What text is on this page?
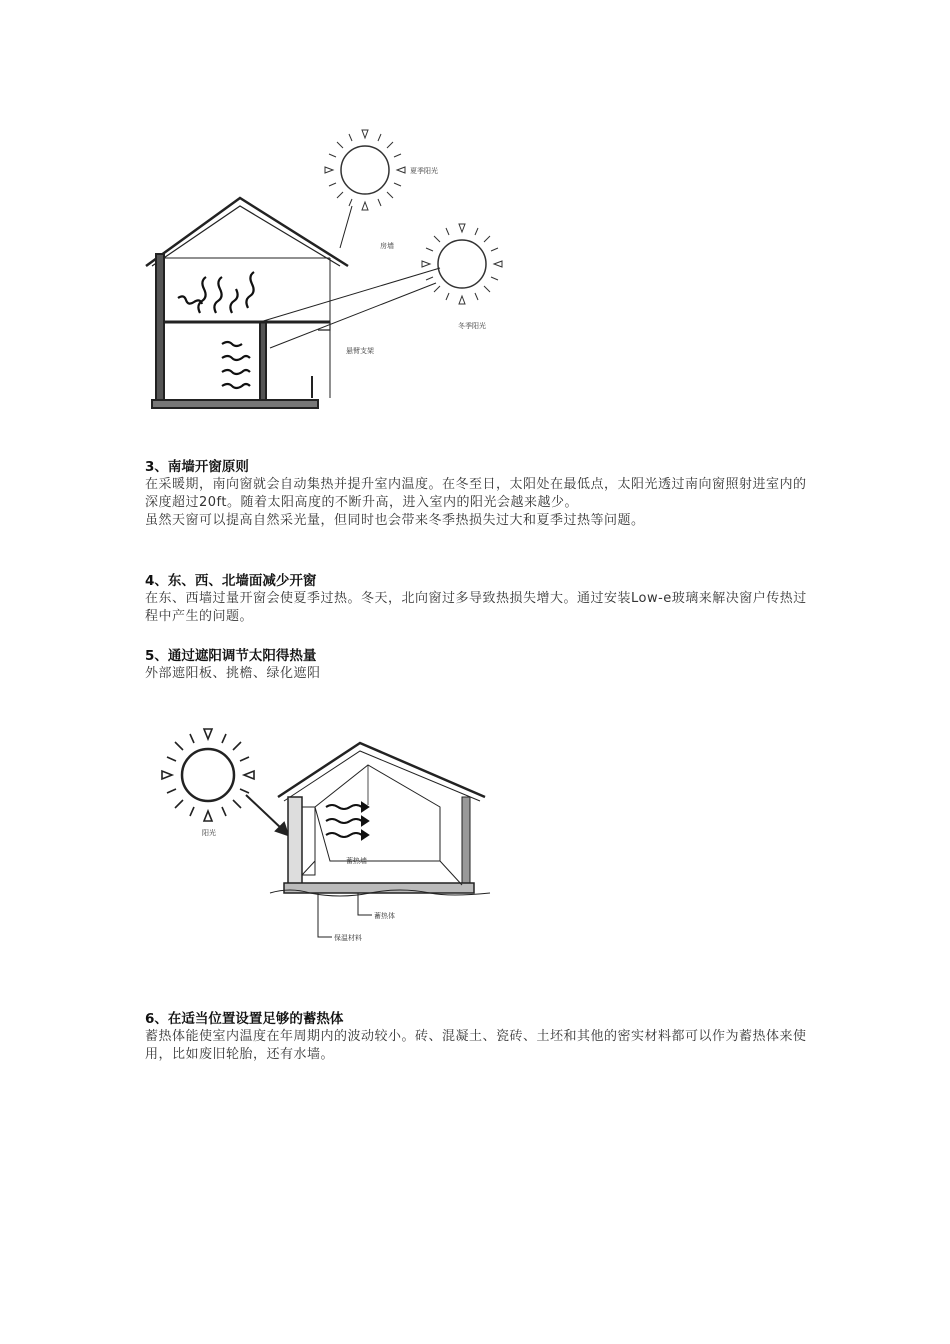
夏季阳光
冬季阳光
房墙
悬臂支架
3、南墙开窗原则

在采暖期，南向窗就会自动集热并提升室内温度。在冬至日，太阳处在最低点，太阳光透过南向窗照射进室内的深度超过20ft。随着太阳高度的不断升高，进入室内的阳光会越来越少。

虽然天窗可以提高自然采光量，但同时也会带来冬季热损失过大和夏季过热等问题。

4、东、西、北墙面减少开窗

在东、西墙过量开窗会使夏季过热。冬天，北向窗过多导致热损失增大。通过安装Low-e玻璃来解决窗户传热过程中产生的问题。

5、通过遮阳调节太阳得热量

外部遮阳板、挑檐、绿化遮阳

阳光
蓄热墙
蓄热体
保温材料
6、在适当位置设置足够的蓄热体

蓄热体能使室内温度在年周期内的波动较小。砖、混凝土、瓷砖、土坯和其他的密实材料都可以作为蓄热体来使用，比如废旧轮胎，还有水墙。
